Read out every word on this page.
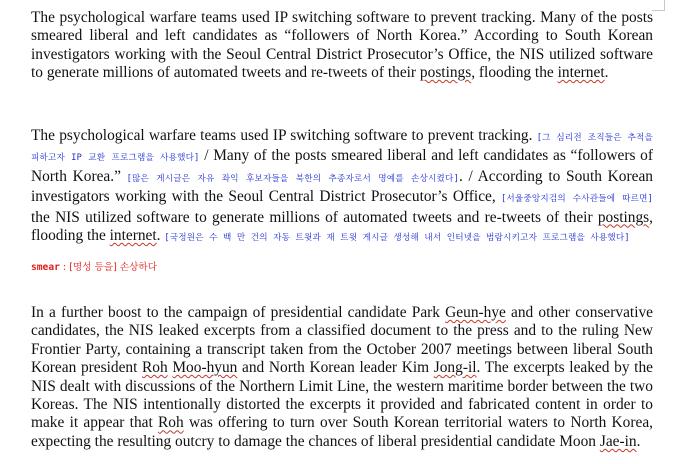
The psychological warfare teams used IP switching software to prevent tracking. Many of the posts smeared liberal and left candidates as “followers of North Korea.” According to South Korean investigators working with the Seoul Central District Prosecutor’s Office, the NIS utilized software to generate millions of automated tweets and re-tweets of their postings, flooding the internet.

The psychological warfare teams used IP switching software to prevent tracking. [그 심리전 조직들은 추적을 피하고자 IP 교환 프로그램을 사용했다] / Many of the posts smeared liberal and left candidates as “followers of North Korea.” [많은 게시글은 자유 좌익 후보자들을 북한의 추종자로서 명예를 손상시켰다]. / According to South Korean investigators working with the Seoul Central District Prosecutor’s Office, [서울중앙지검의 수사관들에 따르면] the NIS utilized software to generate millions of automated tweets and re-tweets of their postings, flooding the internet. [국정원은 수 백 만 건의 자동 트윗과 재 트윗 게시글 생성해 내서 인터넷을 범람시키고자 프로그램을 사용했다]

smear : [명성 등을] 손상하다

In a further boost to the campaign of presidential candidate Park Geun-hye and other conservative candidates, the NIS leaked excerpts from a classified document to the press and to the ruling New Frontier Party, containing a transcript taken from the October 2007 meetings between liberal South Korean president Roh Moo-hyun and North Korean leader Kim Jong-il. The excerpts leaked by the NIS dealt with discussions of the Northern Limit Line, the western maritime border between the two Koreas. The NIS intentionally distorted the excerpts it provided and fabricated content in order to make it appear that Roh was offering to turn over South Korean territorial waters to North Korea, expecting the resulting outcry to damage the chances of liberal presidential candidate Moon Jae-in.
